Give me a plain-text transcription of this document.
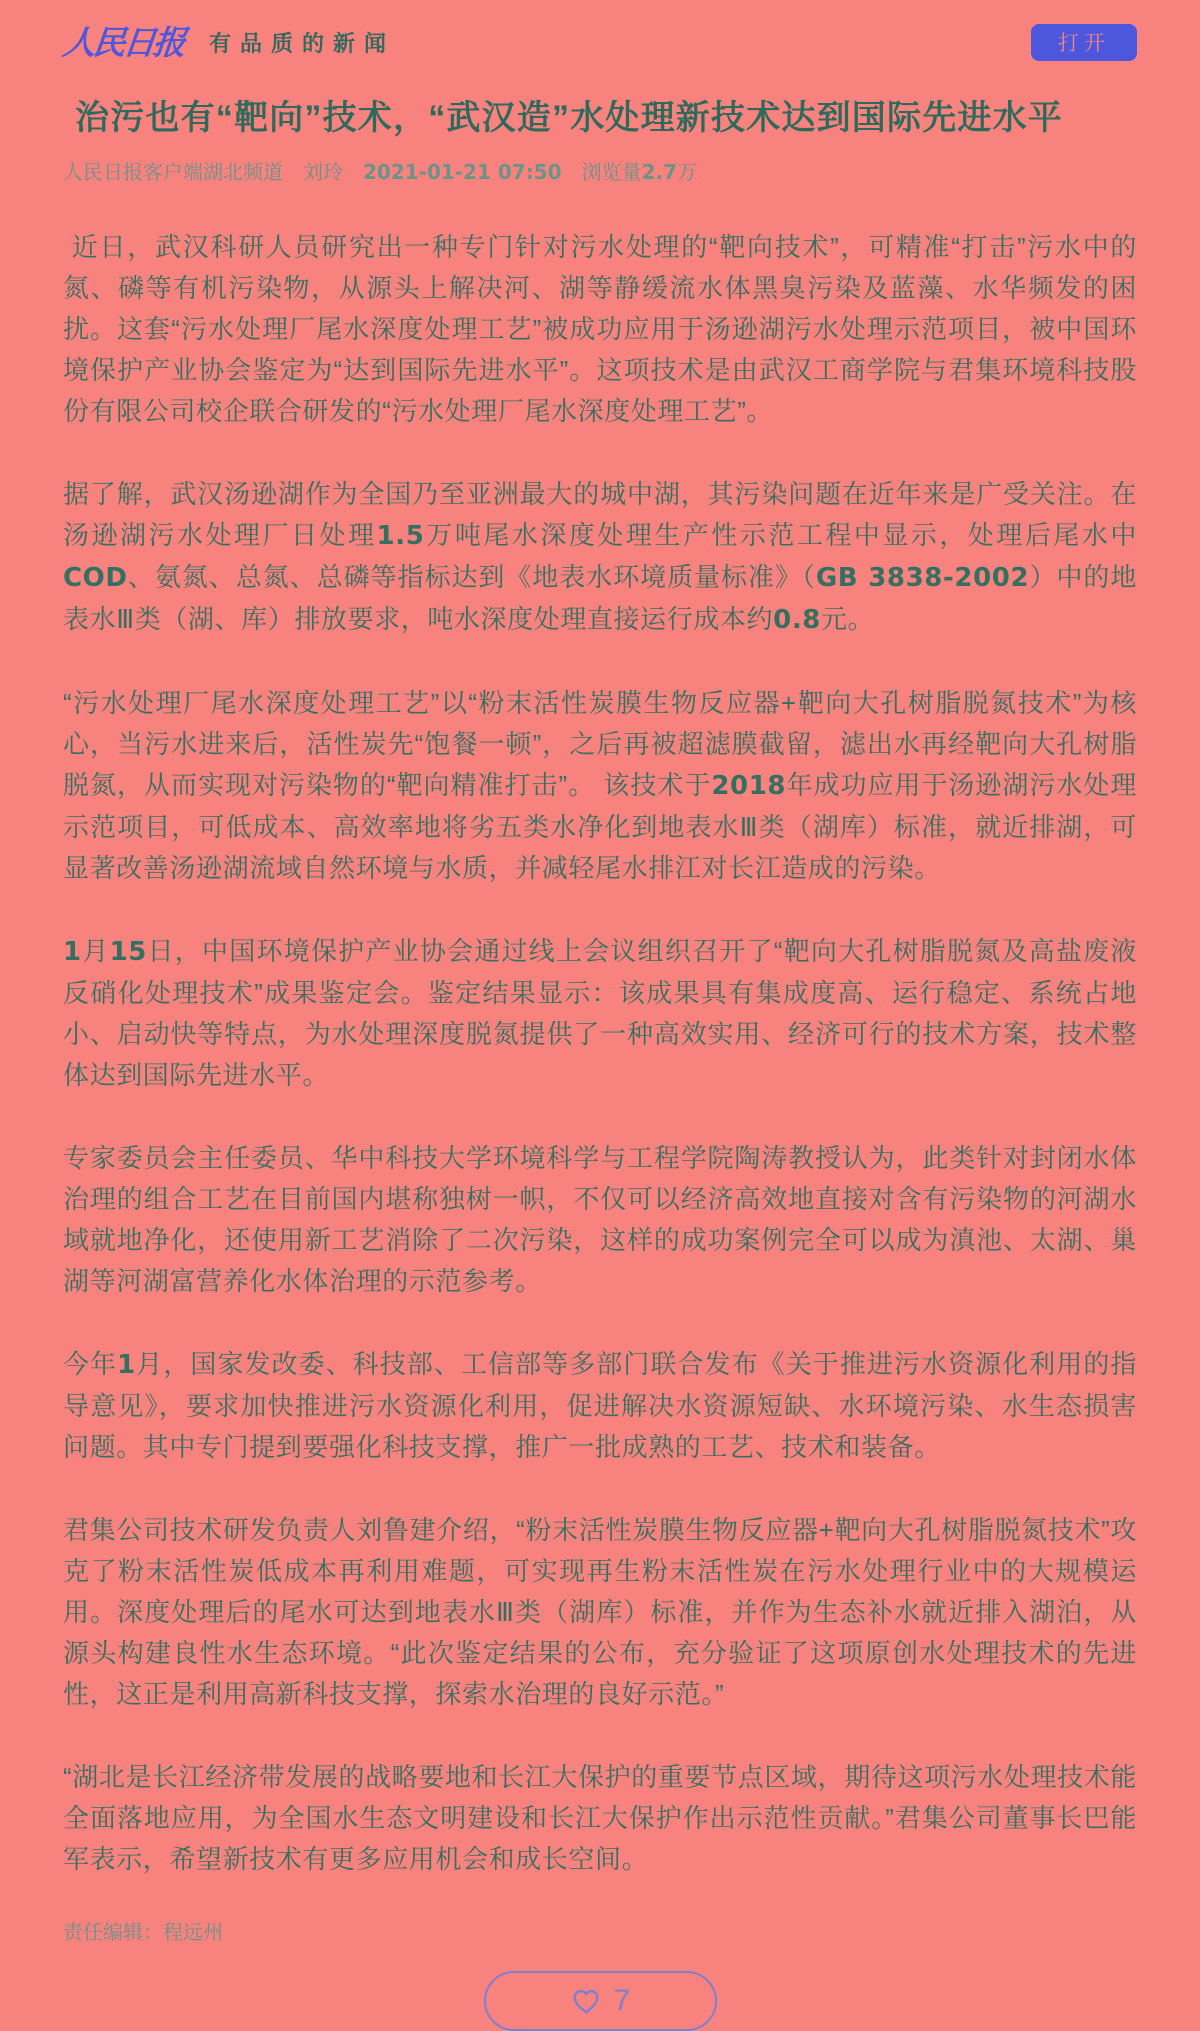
人民日报 有品质的新闻	打开
治污也有“靶向”技术，“武汉造”水处理新技术达到国际先进水平
人民日报客户端湖北频道 刘玲 2021-01-21 07:50 浏览量2.7万

近日，武汉科研人员研究出一种专门针对污水处理的“靶向技术”，可精准“打击”污水中的氮、磷等有机污染物，从源头上解决河、湖等静缓流水体黑臭污染及蓝藻、水华频发的困扰。这套“污水处理厂尾水深度处理工艺”被成功应用于汤逊湖污水处理示范项目，被中国环境保护产业协会鉴定为“达到国际先进水平”。这项技术是由武汉工商学院与君集环境科技股份有限公司校企联合研发的“污水处理厂尾水深度处理工艺”。

据了解，武汉汤逊湖作为全国乃至亚洲最大的城中湖，其污染问题在近年来是广受关注。在汤逊湖污水处理厂日处理1.5万吨尾水深度处理生产性示范工程中显示，处理后尾水中COD、氨氮、总氮、总磷等指标达到《地表水环境质量标准》（GB 3838-2002）中的地表水Ⅲ类（湖、库）排放要求，吨水深度处理直接运行成本约0.8元。

“污水处理厂尾水深度处理工艺”以“粉末活性炭膜生物反应器+靶向大孔树脂脱氮技术”为核心，当污水进来后，活性炭先“饱餐一顿”，之后再被超滤膜截留，滤出水再经靶向大孔树脂脱氮，从而实现对污染物的“靶向精准打击”。 该技术于2018年成功应用于汤逊湖污水处理示范项目，可低成本、高效率地将劣五类水净化到地表水Ⅲ类（湖库）标准，就近排湖，可显著改善汤逊湖流域自然环境与水质，并减轻尾水排江对长江造成的污染。

1月15日，中国环境保护产业协会通过线上会议组织召开了“靶向大孔树脂脱氮及高盐废液反硝化处理技术”成果鉴定会。鉴定结果显示：该成果具有集成度高、运行稳定、系统占地小、启动快等特点，为水处理深度脱氮提供了一种高效实用、经济可行的技术方案，技术整体达到国际先进水平。

专家委员会主任委员、华中科技大学环境科学与工程学院陶涛教授认为，此类针对封闭水体治理的组合工艺在目前国内堪称独树一帜，不仅可以经济高效地直接对含有污染物的河湖水域就地净化，还使用新工艺消除了二次污染，这样的成功案例完全可以成为滇池、太湖、巢湖等河湖富营养化水体治理的示范参考。

今年1月，国家发改委、科技部、工信部等多部门联合发布《关于推进污水资源化利用的指导意见》，要求加快推进污水资源化利用，促进解决水资源短缺、水环境污染、水生态损害问题。其中专门提到要强化科技支撑，推广一批成熟的工艺、技术和装备。

君集公司技术研发负责人刘鲁建介绍，“粉末活性炭膜生物反应器+靶向大孔树脂脱氮技术”攻克了粉末活性炭低成本再利用难题，可实现再生粉末活性炭在污水处理行业中的大规模运用。深度处理后的尾水可达到地表水Ⅲ类（湖库）标准，并作为生态补水就近排入湖泊，从源头构建良性水生态环境。“此次鉴定结果的公布，充分验证了这项原创水处理技术的先进性，这正是利用高新科技支撑，探索水治理的良好示范。”

“湖北是长江经济带发展的战略要地和长江大保护的重要节点区域，期待这项污水处理技术能全面落地应用，为全国水生态文明建设和长江大保护作出示范性贡献。”君集公司董事长巴能军表示，希望新技术有更多应用机会和成长空间。

责任编辑：程远州
7
